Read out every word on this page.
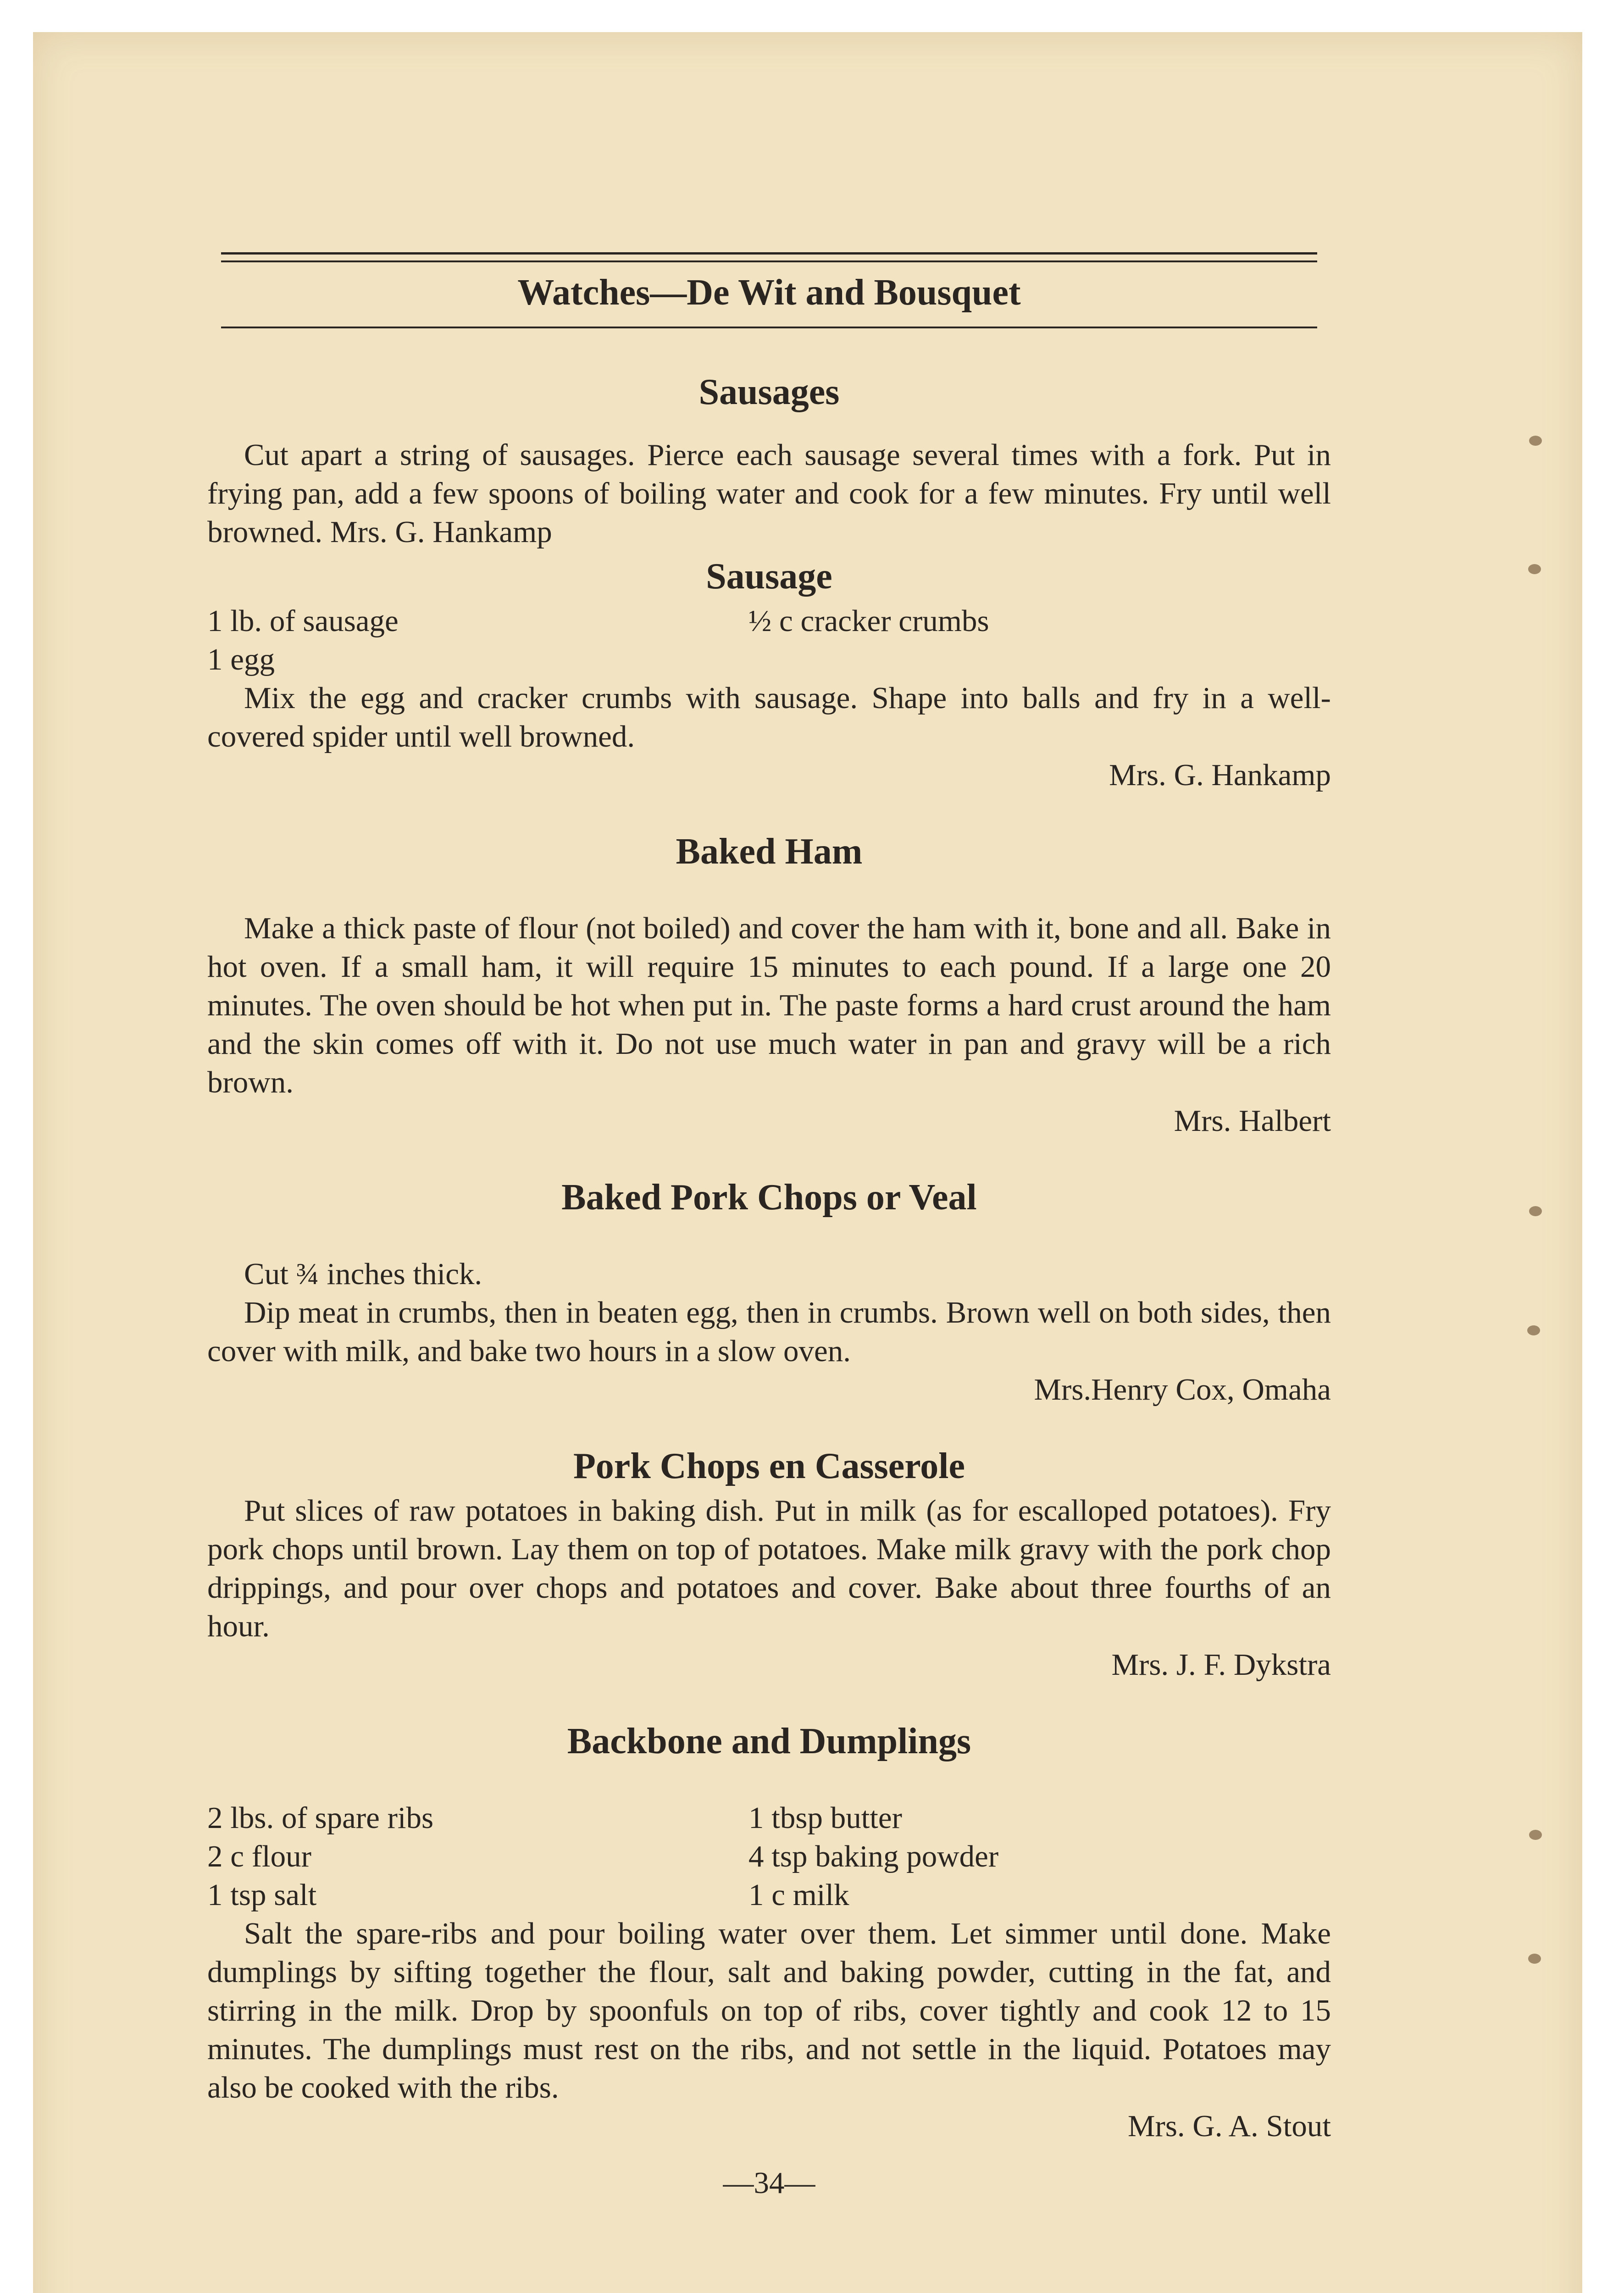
Watches—De Wit and Bousquet
Sausages

Cut apart a string of sausages. Pierce each sausage several times with a fork. Put in frying pan, add a few spoons of boiling water and cook for a few minutes. Fry until well browned. Mrs. G. Hankamp

Sausage
1 lb. of sausage	½ c cracker crumbs
1 egg

Mix the egg and cracker crumbs with sausage. Shape into balls and fry in a well-covered spider until well browned.

Mrs. G. Hankamp
Baked Ham

Make a thick paste of flour (not boiled) and cover the ham with it, bone and all. Bake in hot oven. If a small ham, it will require 15 minutes to each pound. If a large one 20 minutes. The oven should be hot when put in. The paste forms a hard crust around the ham and the skin comes off with it. Do not use much water in pan and gravy will be a rich brown.

Mrs. Halbert
Baked Pork Chops or Veal

Cut ¾ inches thick.

Dip meat in crumbs, then in beaten egg, then in crumbs. Brown well on both sides, then cover with milk, and bake two hours in a slow oven.

Mrs.Henry Cox, Omaha
Pork Chops en Casserole

Put slices of raw potatoes in baking dish. Put in milk (as for escalloped potatoes). Fry pork chops until brown. Lay them on top of potatoes. Make milk gravy with the pork chop drippings, and pour over chops and potatoes and cover. Bake about three fourths of an hour.

Mrs. J. F. Dykstra
Backbone and Dumplings
2 lbs. of spare ribs	1 tbsp butter
2 c flour	4 tsp baking powder
1 tsp salt	1 c milk

Salt the spare-ribs and pour boiling water over them. Let simmer until done. Make dumplings by sifting together the flour, salt and baking powder, cutting in the fat, and stirring in the milk. Drop by spoonfuls on top of ribs, cover tightly and cook 12 to 15 minutes. The dumplings must rest on the ribs, and not settle in the liquid. Potatoes may also be cooked with the ribs.

Mrs. G. A. Stout
—34—
